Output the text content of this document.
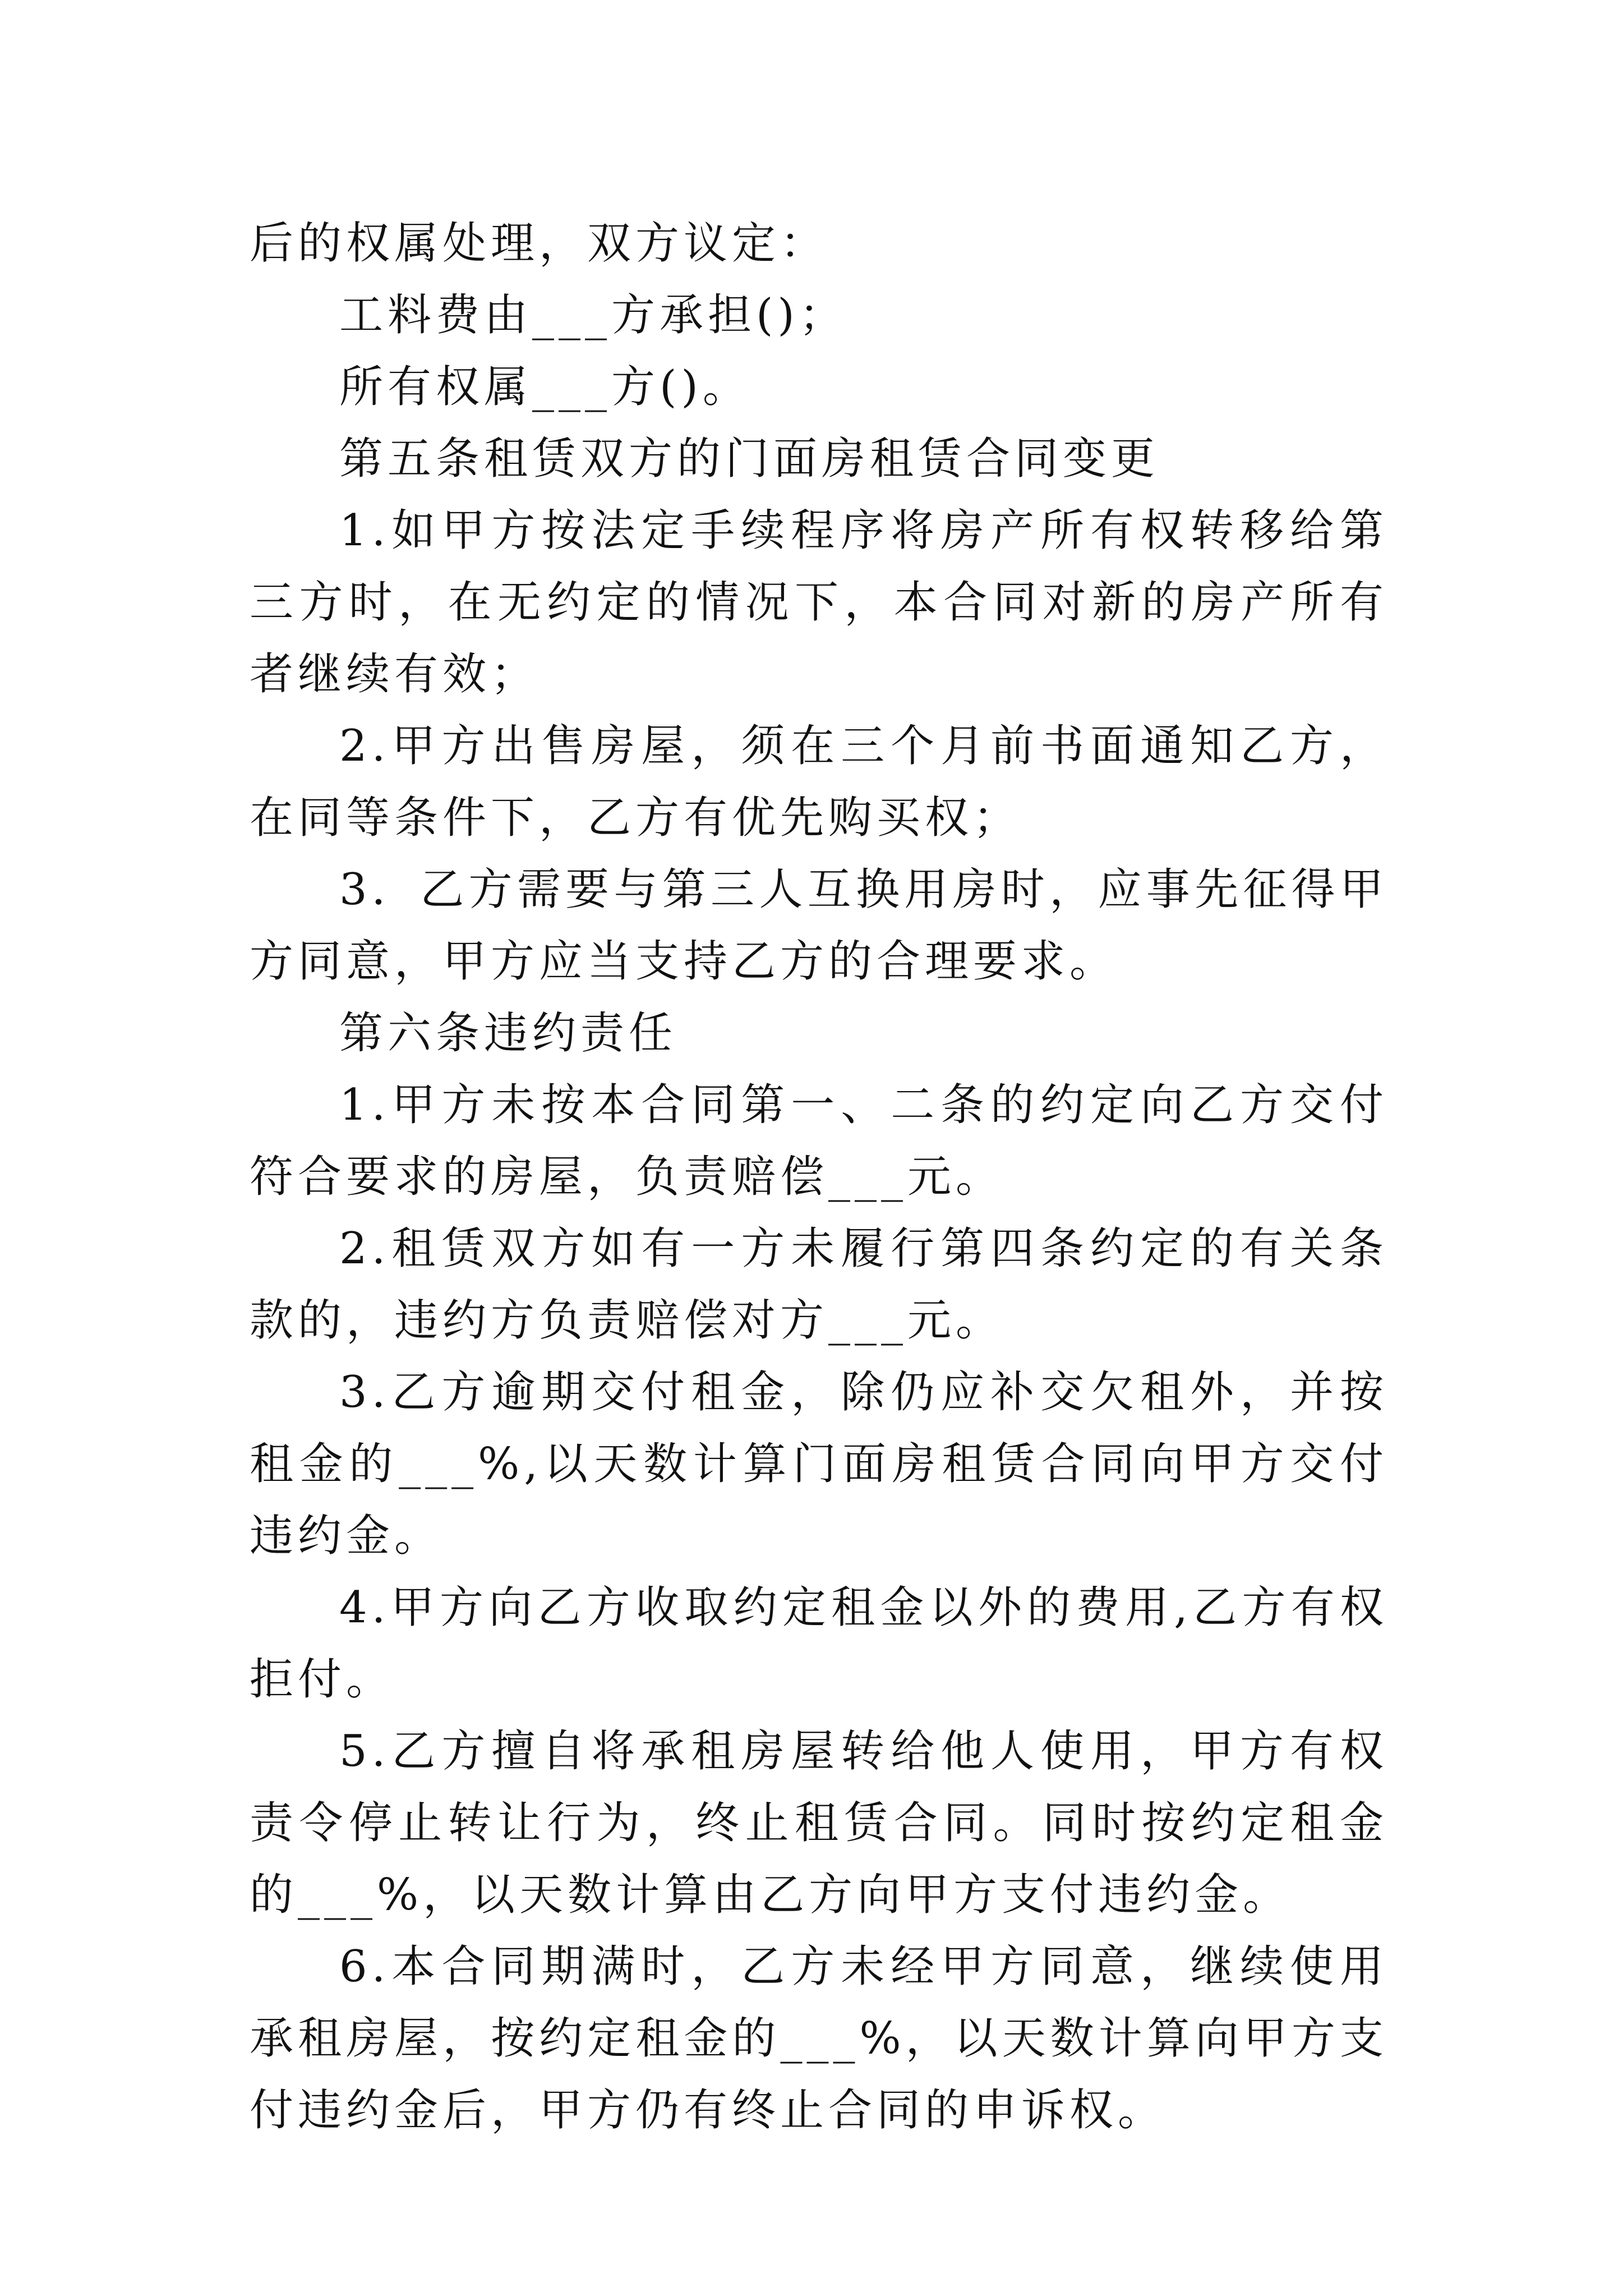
后的权属处理，双方议定：

工料费由___方承担()；

所有权属___方()。

第五条租赁双方的门面房租赁合同变更

1.如甲方按法定手续程序将房产所有权转移给第三方时，在无约定的情况下，本合同对新的房产所有者继续有效；

2.甲方出售房屋，须在三个月前书面通知乙方，在同等条件下，乙方有优先购买权；

3．乙方需要与第三人互换用房时，应事先征得甲方同意，甲方应当支持乙方的合理要求。

第六条违约责任

1.甲方未按本合同第一、二条的约定向乙方交付符合要求的房屋，负责赔偿___元。

2.租赁双方如有一方未履行第四条约定的有关条款的，违约方负责赔偿对方___元。

3.乙方逾期交付租金，除仍应补交欠租外，并按租金的___%,以天数计算门面房租赁合同向甲方交付违约金。

4.甲方向乙方收取约定租金以外的费用,乙方有权拒付。

5.乙方擅自将承租房屋转给他人使用，甲方有权责令停止转让行为，终止租赁合同。同时按约定租金的___%，以天数计算由乙方向甲方支付违约金。

6.本合同期满时，乙方未经甲方同意，继续使用承租房屋，按约定租金的___%，以天数计算向甲方支付违约金后，甲方仍有终止合同的申诉权。
